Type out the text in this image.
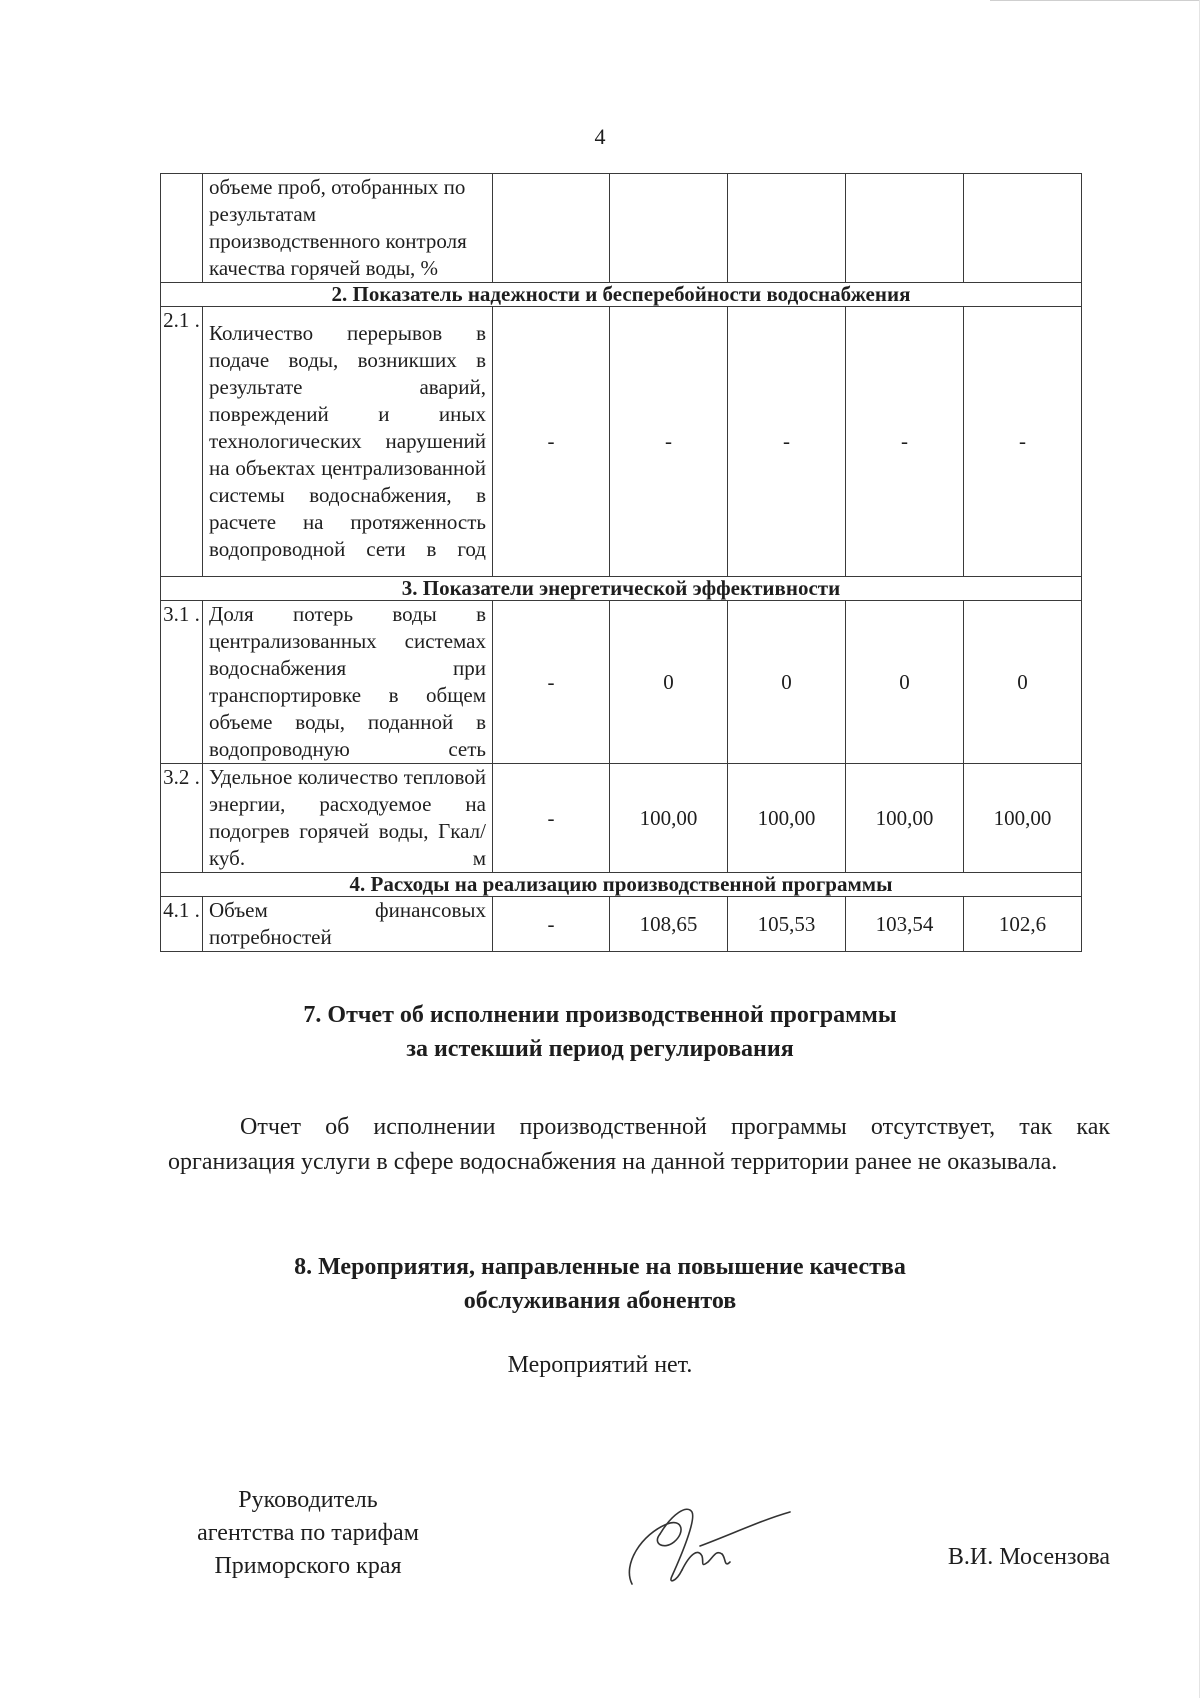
4

	объеме проб, отобранных по результатам производственного контроля качества горячей воды, %					

2. Показатель надежности и бесперебойности водоснабжения						
2.1 .	Количество перерывов в подаче воды, возникших в результате аварий, повреждений и иных технологических нарушений на объектах централизованной системы водоснабжения, в расчете на протяженность водопроводной сети в год	-	-	-	-	-
3. Показатели энергетической эффективности						
3.1 .	Доля потерь воды в централизованных системах водоснабжения при транспортировке в общем объеме воды, поданной в водопроводную сеть	-	0	0	0	0
3.2 .	Удельное количество тепловой энергии, расходуемое на подогрев горячей воды, Гкал/куб. м	-	100,00	100,00	100,00	100,00
4. Расходы на реализацию производственной программы						
4.1 .	Объем финансовых потребностей	-	108,65	105,53	103,54	102,6
7. Отчет об исполнении производственной программы
за истекший период регулирования
Отчет об исполнении производственной программы отсутствует, так как организация услуги в сфере водоснабжения на данной территории ранее не оказывала.
8. Мероприятия, направленные на повышение качества
обслуживания абонентов
Мероприятий нет.
Руководитель
агентства по тарифам
Приморского края	В.И. Мосензова
